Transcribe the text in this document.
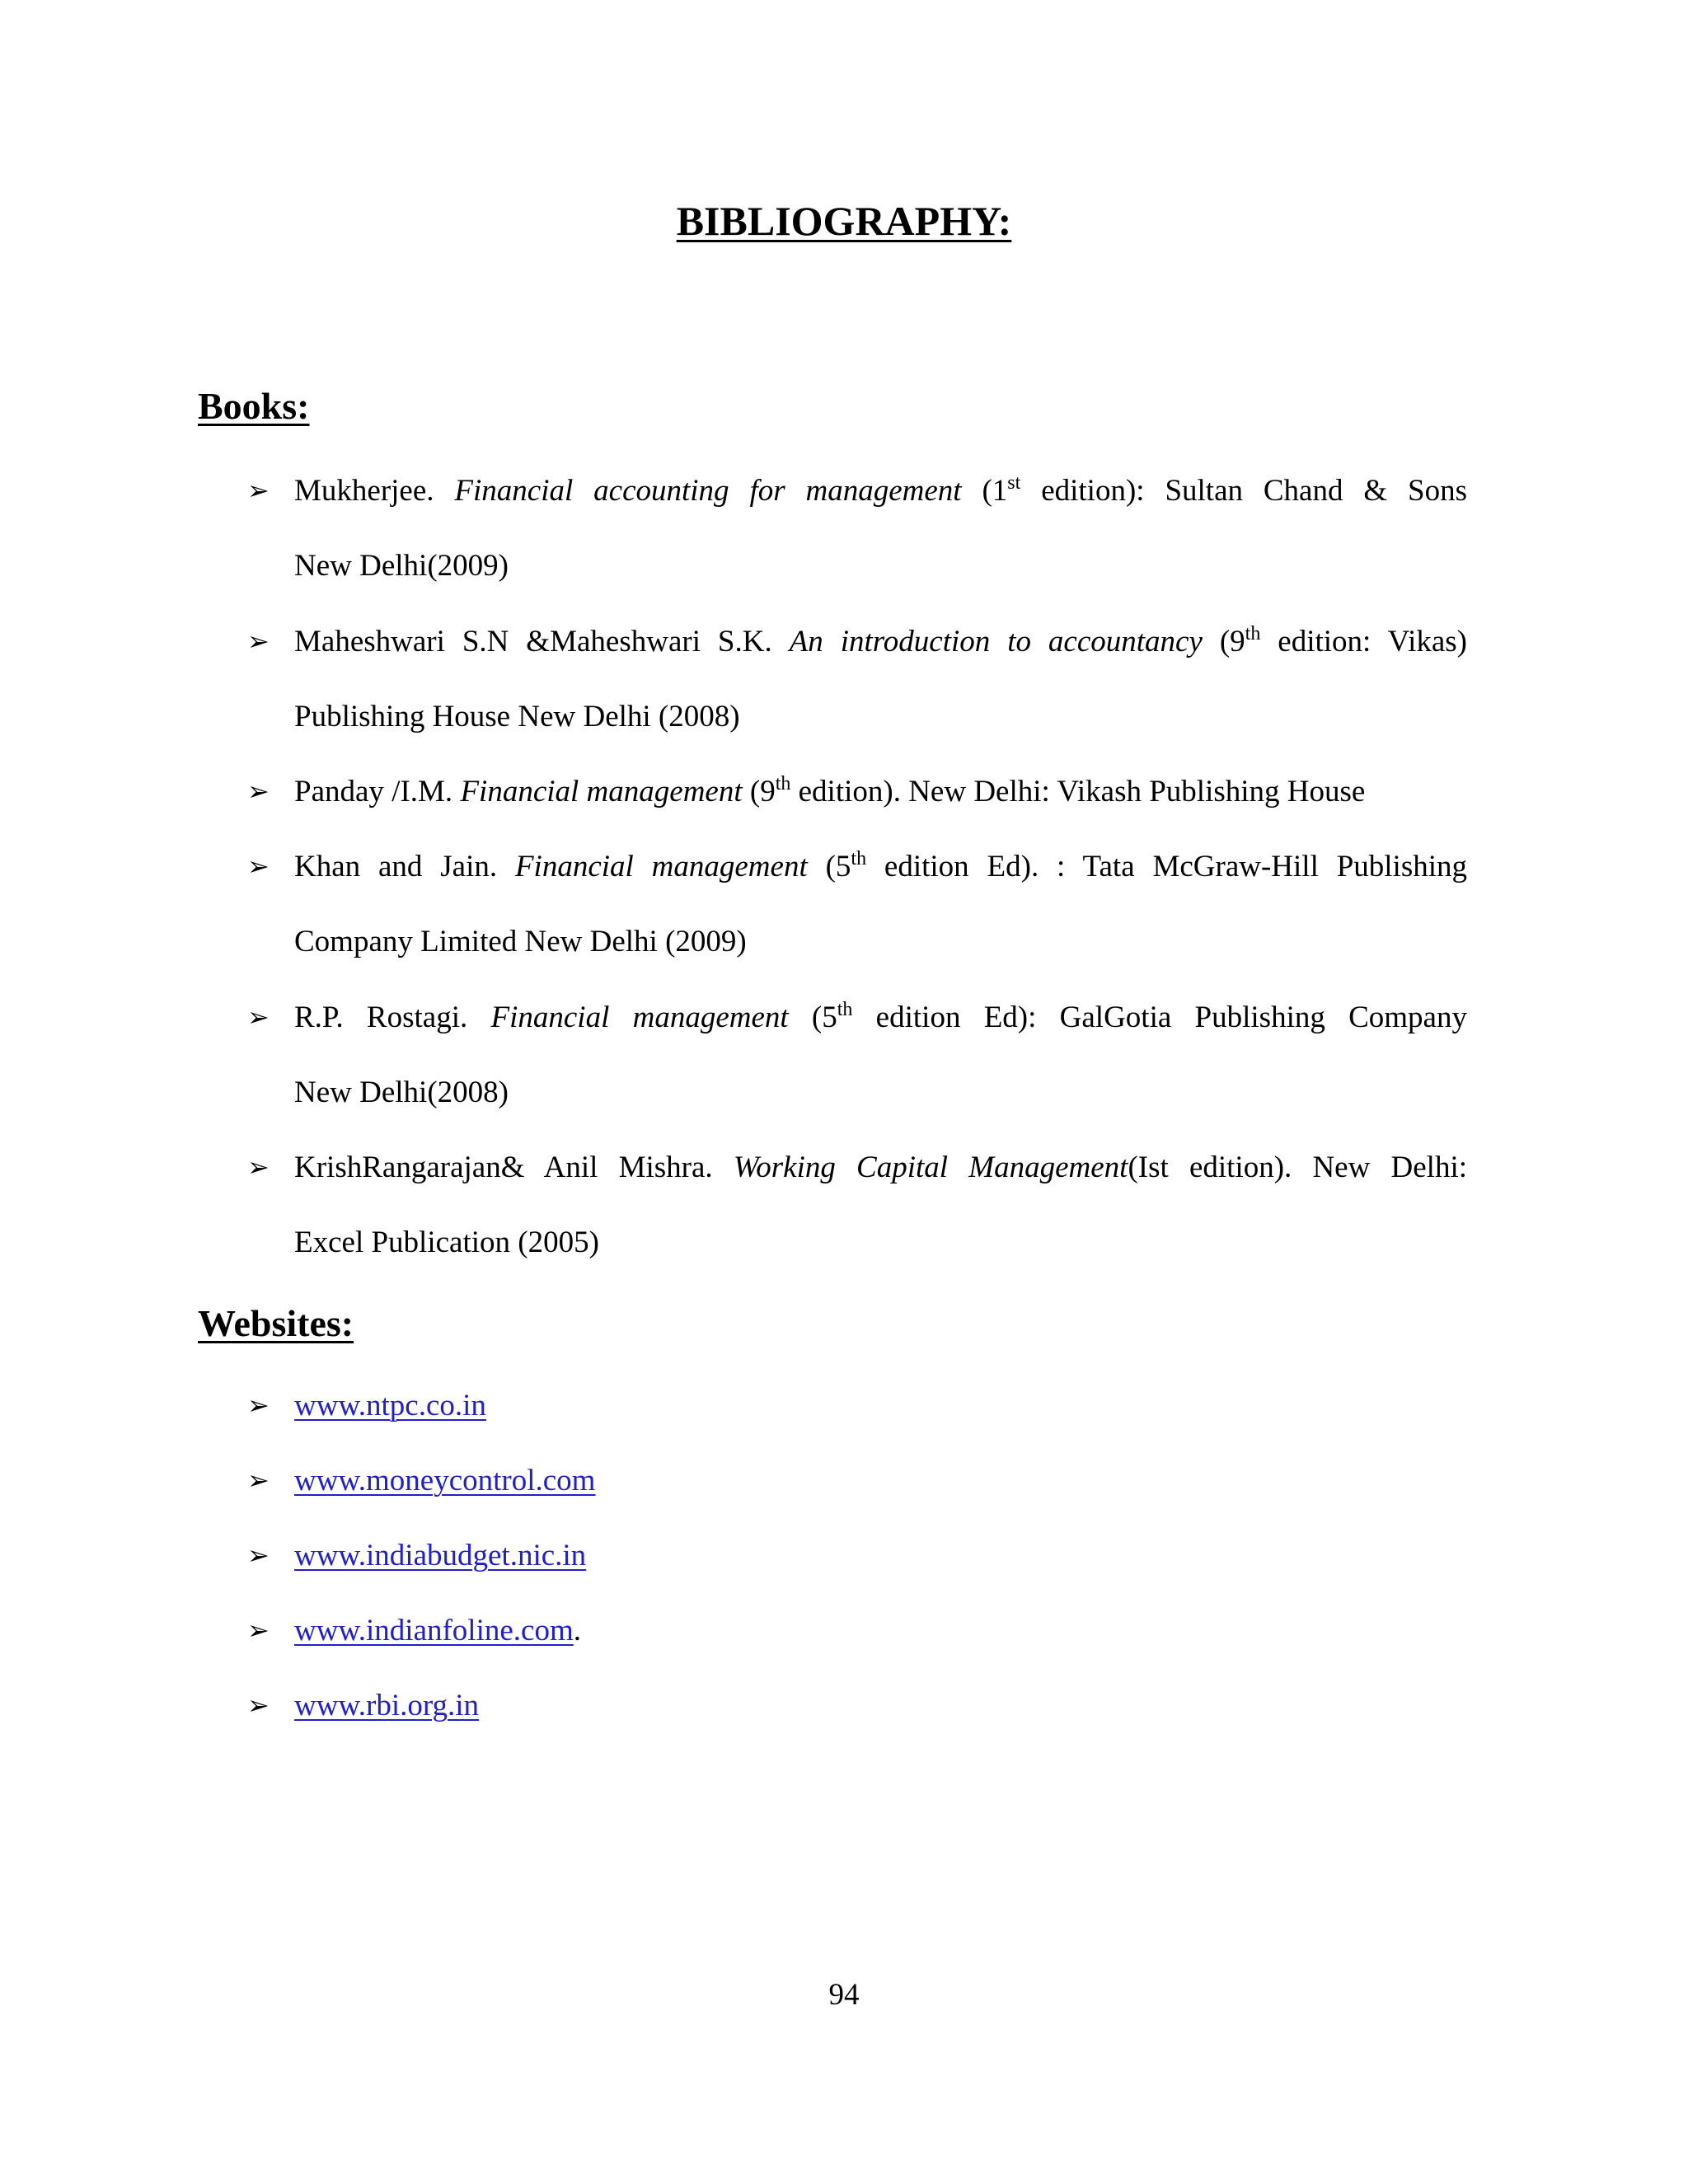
BIBLIOGRAPHY:
Books:
➢ Mukherjee. Financial accounting for management (1st edition): Sultan Chand & Sons
New Delhi(2009)
➢ Maheshwari S.N &Maheshwari S.K. An introduction to accountancy (9th edition: Vikas)
Publishing House New Delhi (2008)
➢ Panday /I.M. Financial management (9th edition). New Delhi: Vikash Publishing House
➢ Khan and Jain. Financial management (5th edition Ed). : Tata McGraw-Hill Publishing
Company Limited New Delhi (2009)
➢ R.P. Rostagi. Financial management (5th edition Ed): GalGotia Publishing Company
New Delhi(2008)
➢ KrishRangarajan& Anil Mishra. Working Capital Management(Ist edition). New Delhi:
Excel Publication (2005)
Websites:
➢ www.ntpc.co.in
➢ www.moneycontrol.com
➢ www.indiabudget.nic.in
➢ www.indianfoline.com.
➢ www.rbi.org.in
94
